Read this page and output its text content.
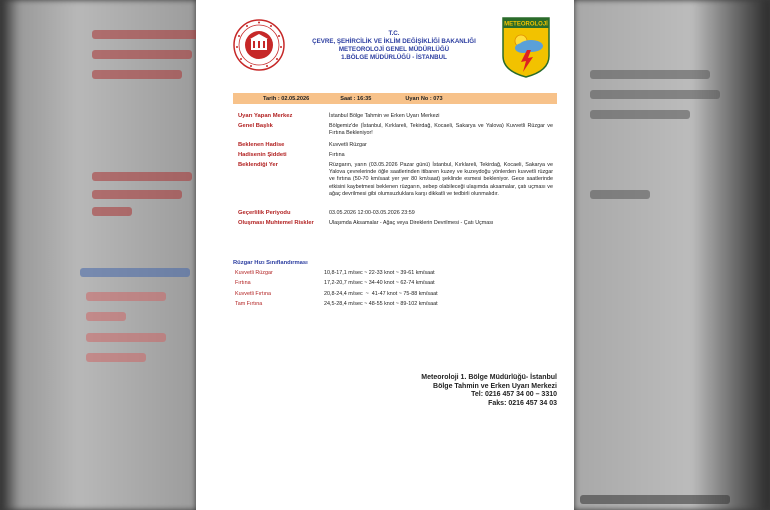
T.C.
ÇEVRE, ŞEHİRCİLİK VE İKLİM DEĞİŞİKLİĞİ BAKANLIĞI
METEOROLOJİ GENEL MÜDÜRLÜĞÜ
1.BÖLGE MÜDÜRLÜĞÜ - İSTANBUL
METEOROLOJİ
Tarih : 02.05.2026	Saat : 16:35	Uyarı No : 073
Uyarı Yapan Merkez	İstanbul Bölge Tahmin ve Erken Uyarı Merkezi
Genel Başlık	Bölgemiz'de (İstanbul, Kırklareli, Tekirdağ, Kocaeli, Sakarya ve Yalova) Kuvvetli Rüzgar ve Fırtına Bekleniyor!
Beklenen Hadise	Kuvvetli Rüzgar
Hadisenin Şiddeti	Fırtına
Beklendiği Yer	Rüzgarın, yarın (03.05.2026 Pazar günü) İstanbul, Kırklareli, Tekirdağ, Kocaeli, Sakarya ve Yalova çevrelerinde öğle saatlerinden itibaren kuzey ve kuzeydoğu yönlerden kuvvetli rüzgar ve fırtına (50-70 km/saat yer yer 80 km/saat) şeklinde esmesi bekleniyor. Gece saatlerinde etkisini kaybetmesi beklenen rüzgarın, sebep olabileceği ulaşımda aksamalar, çatı uçması ve ağaç devrilmesi gibi olumsuzluklara karşı dikkatli ve tedbirli olunmalıdır.
Geçerlilik Periyodu	03.05.2026 12:00-03.05.2026 23:59
Oluşması Muhtemel Riskler	Ulaşımda Aksamalar - Ağaç veya Direklerin Devrilmesi - Çatı Uçması
Rüzgar Hızı Sınıflandırması
Kuvvetli Rüzgar	10,8-17,1 m/sec ~ 22-33 knot ~ 39-61 km/saat
Fırtına	17,2-20,7 m/sec ~ 34-40 knot ~ 62-74 km/saat
Kuvvetli Fırtına	20,8-24,4 m/sec  ~  41-47 knot ~ 75-88 km/saat
Tam Fırtına	24,5-28,4 m/sec ~ 48-55 knot ~ 89-102 km/saat
Meteoroloji 1. Bölge Müdürlüğü- İstanbul
Bölge Tahmin ve Erken Uyarı Merkezi
Tel: 0216 457 34 00 – 3310
Faks: 0216 457 34 03
